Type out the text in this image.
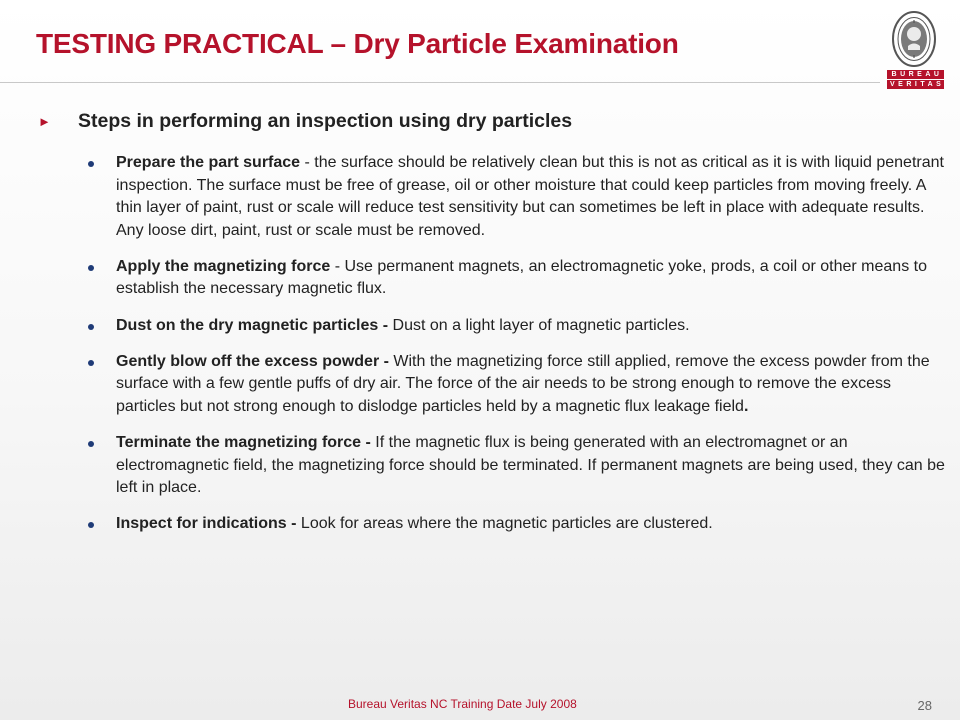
TESTING PRACTICAL – Dry Particle Examination
BUREAU
VERITAS
►	Steps in performing an inspection using dry particles
Prepare the part surface - the surface should be relatively clean but this is not as critical as it is with liquid penetrant inspection. The surface must be free of grease, oil or other moisture that could keep particles from moving freely. A thin layer of paint, rust or scale will reduce test sensitivity but can sometimes be left in place with adequate results. Any loose dirt, paint, rust or scale must be removed.
Apply the magnetizing force - Use permanent magnets, an electromagnetic yoke, prods, a coil or other means to establish the necessary magnetic flux.
Dust on the dry magnetic particles - Dust on a light layer of magnetic particles.
Gently blow off the excess powder - With the magnetizing force still applied, remove the excess powder from the surface with a few gentle puffs of dry air. The force of the air needs to be strong enough to remove the excess particles but not strong enough to dislodge particles held by a magnetic flux leakage field.
Terminate the magnetizing force - If the magnetic flux is being generated with an electromagnet or an electromagnetic field, the magnetizing force should be terminated. If permanent magnets are being used, they can be left in place.
Inspect for indications - Look for areas where the magnetic particles are clustered.
Bureau Veritas NC Training Date July 2008	28
